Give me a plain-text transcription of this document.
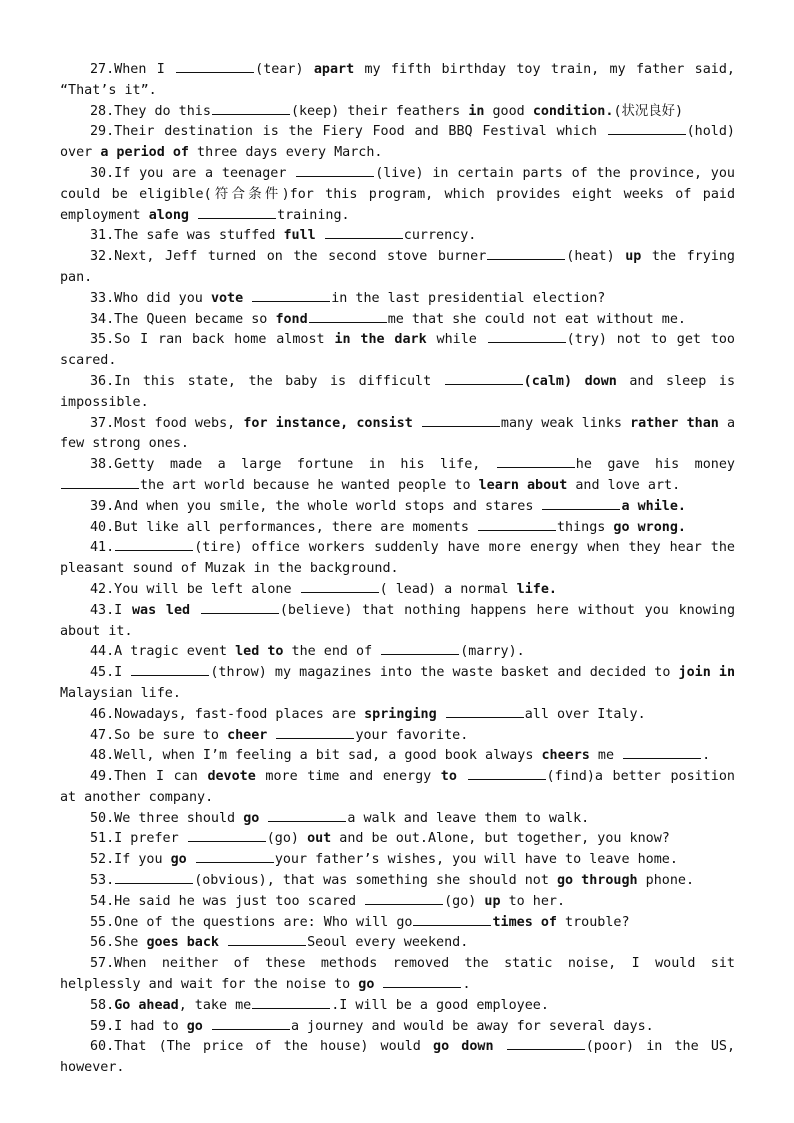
27.When I	(tear) apart my fifth birthday toy train, my father said, “That’s it”.

28.They do this	(keep) their feathers in good condition.(状况良好)

29.Their destination is the Fiery Food and BBQ Festival which	(hold) over a period of three days every March.

30.If you are a teenager	(live) in certain parts of the province, you could be eligible(符合条件)for this program, which provides eight weeks of paid employment along	training.

31.The safe was stuffed full	currency.

32.Next, Jeff turned on the second stove burner	(heat) up the frying pan.

33.Who did you vote	in the last presidential election?

34.The Queen became so fond	me that she could not eat without me.

35.So I ran back home almost in the dark while	(try) not to get too scared.

36.In this state, the baby is difficult	(calm) down and sleep is impossible.

37.Most food webs, for instance, consist	many weak links rather than a few strong ones.

38.Getty made a large fortune in his life,	he gave his money the art world because he wanted people to learn about and love art.

39.And when you smile, the whole world stops and stares	a while.

40.But like all performances, there are moments	things go wrong.

41.	(tire) office workers suddenly have more energy when they hear the pleasant sound of Muzak in the background.

42.You will be left alone	( lead) a normal life.

43.I was led	(believe) that nothing happens here without you knowing about it.

44.A tragic event led to the end of	(marry).

45.I	(throw) my magazines into the waste basket and decided to join in Malaysian life.

46.Nowadays, fast-food places are springing	all over Italy.

47.So be sure to cheer	your favorite.

48.Well, when I’m feeling a bit sad, a good book always cheers me	.

49.Then I can devote more time and energy to	(find)a better position at another company.

50.We three should go	a walk and leave them to walk.

51.I prefer	(go) out and be out.Alone, but together, you know?

52.If you go	your father’s wishes, you will have to leave home.

53.	(obvious), that was something she should not go through phone.

54.He said he was just too scared	(go) up to her.

55.One of the questions are: Who will go	times of trouble?

56.She goes back	Seoul every weekend.

57.When neither of these methods removed the static noise, I would sit helplessly and wait for the noise to go	.

58.Go ahead, take me	.I will be a good employee.

59.I had to go	a journey and would be away for several days.

60.That (The price of the house) would go down	(poor) in the US, however.
